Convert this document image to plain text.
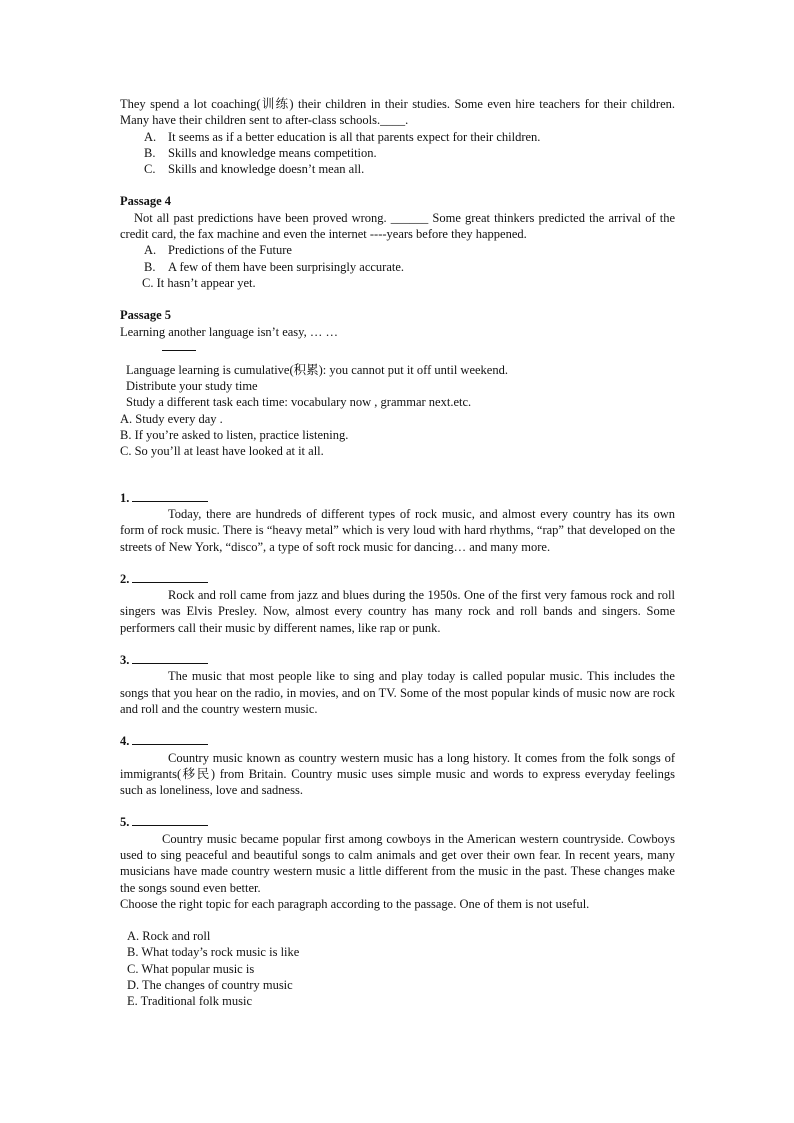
They spend a lot coaching(训练) their children in their studies. Some even hire teachers for their children. Many have their children sent to after-class schools.____.

A. It seems as if a better education is all that parents expect for their children.
B.	Skills and knowledge means competition.
C.	Skills and knowledge doesn’t mean all.

Passage 4

Not all past predictions have been proved wrong. ______ Some great thinkers predicted the arrival of the credit card, the fax machine and even the internet ----years before they happened.

A. Predictions of the Future
B.	A few of them have been surprisingly accurate.

C. It hasn’t appear yet.

Passage 5

Learning another language isn’t easy, … …

Language learning is cumulative(积累): you cannot put it off until weekend.

Distribute your study time

Study a different task each time: vocabulary now , grammar next.etc.

A. Study every day .

B. If you’re asked to listen, practice listening.

C. So you’ll at least have looked at it all.

1.

Today, there are hundreds of different types of rock music, and almost every country has its own form of rock music. There is “heavy metal” which is very loud with hard rhythms, “rap” that developed on the streets of New York, “disco”, a type of soft rock music for dancing… and many more.

2.

Rock and roll came from jazz and blues during the 1950s. One of the first very famous rock and roll singers was Elvis Presley. Now, almost every country has many rock and roll bands and singers. Some performers call their music by different names, like rap or punk.

3.

The music that most people like to sing and play today is called popular music. This includes the songs that you hear on the radio, in movies, and on TV. Some of the most popular kinds of music now are rock and roll and the country western music.

4.

Country music known as country western music has a long history. It comes from the folk songs of immigrants(移民) from Britain. Country music uses simple music and words to express everyday feelings such as loneliness, love and sadness.

5.

Country music became popular first among cowboys in the American western countryside. Cowboys used to sing peaceful and beautiful songs to calm animals and get over their own fear. In recent years, many musicians have made country western music a little different from the music in the past. These changes make the songs sound even better.

Choose the right topic for each paragraph according to the passage. One of them is not useful.

A. Rock and roll

B. What today’s rock music is like

C. What popular music is

D. The changes of country music

E. Traditional folk music
